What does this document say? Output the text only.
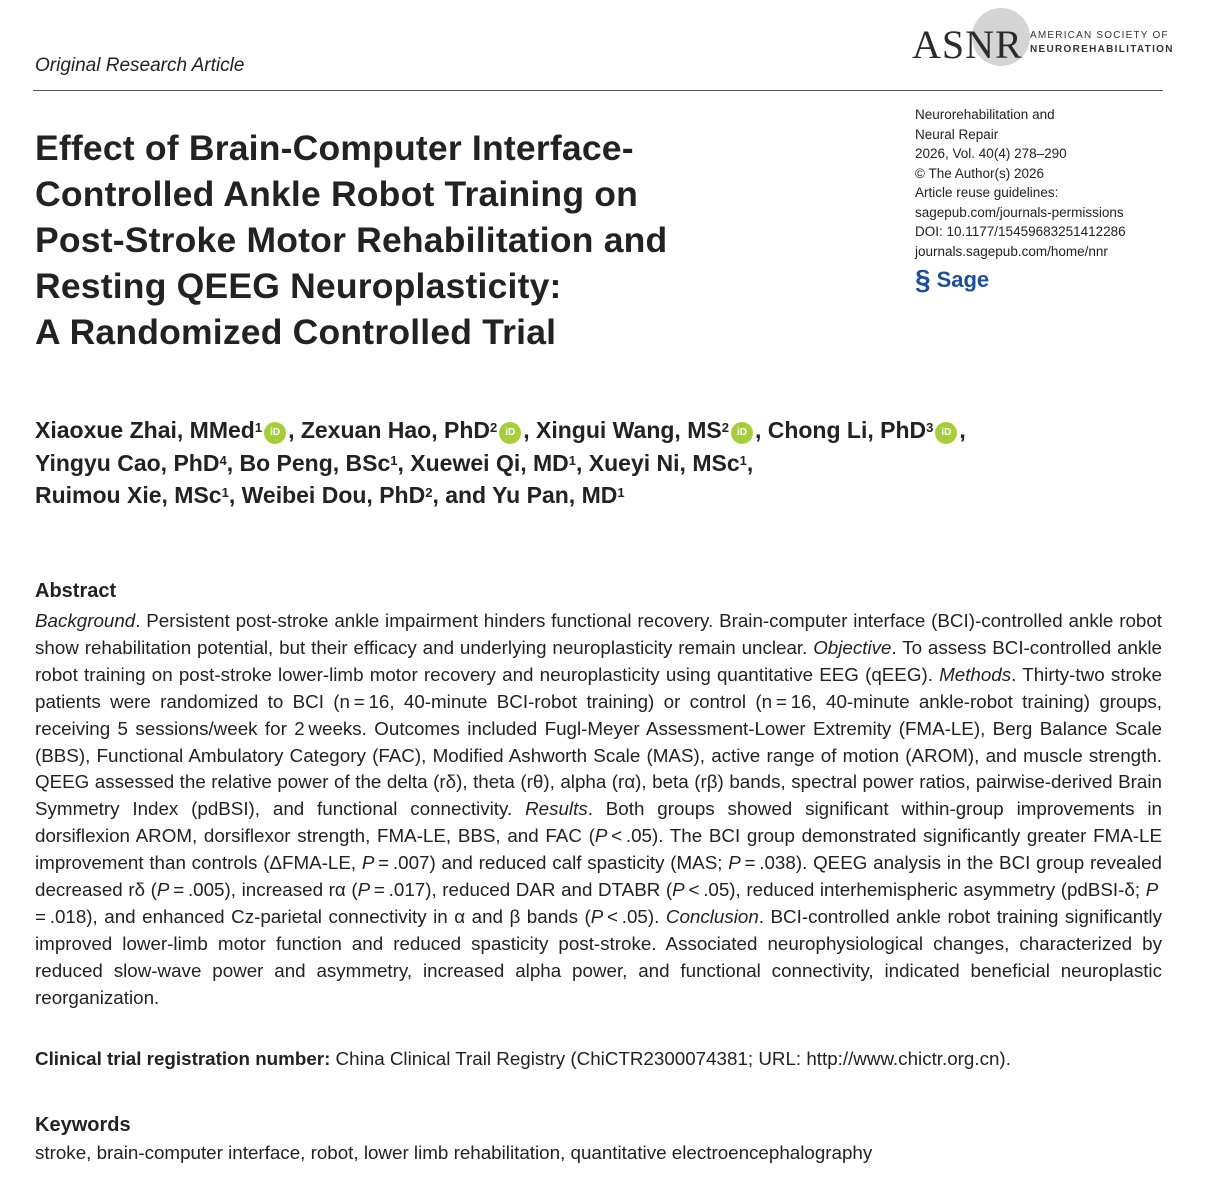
Original Research Article	ASNR AMERICAN SOCIETY OF
NEUROREHABILITATION
Effect of Brain-Computer Interface-
Controlled Ankle Robot Training on
Post-Stroke Motor Rehabilitation and
Resting QEEG Neuroplasticity:
A Randomized Controlled Trial
Neurorehabilitation and
Neural Repair
2026, Vol. 40(4) 278–290
© The Author(s) 2026
Article reuse guidelines:
sagepub.com/journals-permissions
DOI: 10.1177/15459683251412286
journals.sagepub.com/home/nnr
§ Sage
Xiaoxue Zhai, MMed$^1$ iD , Zexuan Hao, PhD$^2$ iD , Xingui Wang, MS$^2$ iD , Chong Li, PhD$^3$ iD ,
Yingyu Cao, PhD$^4$, Bo Peng, BSc$^1$, Xuewei Qi, MD$^1$, Xueyi Ni, MSc$^1$,
Ruimou Xie, MSc$^1$, Weibei Dou, PhD$^2$, and Yu Pan, MD$^1$
Abstract
Background. Persistent post-stroke ankle impairment hinders functional recovery. Brain-computer interface (BCI)-controlled ankle robot show rehabilitation potential, but their efficacy and underlying neuroplasticity remain unclear. Objective. To assess BCI-controlled ankle robot training on post-stroke lower-limb motor recovery and neuroplasticity using quantitative EEG (qEEG). Methods. Thirty-two stroke patients were randomized to BCI (n = 16, 40-minute BCI-robot training) or control (n = 16, 40-minute ankle-robot training) groups, receiving 5 sessions/week for 2 weeks. Outcomes included Fugl-Meyer Assessment-Lower Extremity (FMA-LE), Berg Balance Scale (BBS), Functional Ambulatory Category (FAC), Modified Ashworth Scale (MAS), active range of motion (AROM), and muscle strength. QEEG assessed the relative power of the delta (rδ), theta (rθ), alpha (rα), beta (rβ) bands, spectral power ratios, pairwise-derived Brain Symmetry Index (pdBSI), and functional connectivity. Results. Both groups showed significant within-group improvements in dorsiflexion AROM, dorsiflexor strength, FMA-LE, BBS, and FAC (P < .05). The BCI group demonstrated significantly greater FMA-LE improvement than controls (ΔFMA-LE, P = .007) and reduced calf spasticity (MAS; P = .038). QEEG analysis in the BCI group revealed decreased rδ (P = .005), increased rα (P = .017), reduced DAR and DTABR (P < .05), reduced interhemispheric asymmetry (pdBSI-δ; P = .018), and enhanced Cz-parietal connectivity in α and β bands (P < .05). Conclusion. BCI-controlled ankle robot training significantly improved lower-limb motor function and reduced spasticity post-stroke. Associated neurophysiological changes, characterized by reduced slow-wave power and asymmetry, increased alpha power, and functional connectivity, indicated beneficial neuroplastic reorganization.
Clinical trial registration number: China Clinical Trail Registry (ChiCTR2300074381; URL: http://www.chictr.org.cn).
Keywords
stroke, brain-computer interface, robot, lower limb rehabilitation, quantitative electroencephalography
